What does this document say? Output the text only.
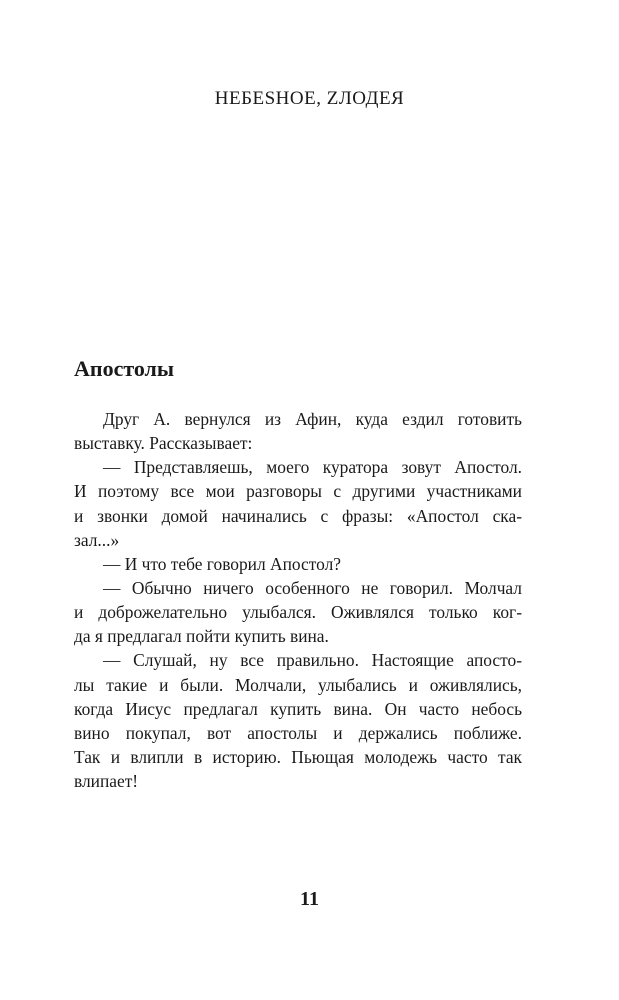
НЕБЕSНОЕ, ZЛОДЕЯ
Апостолы
Друг А. вернулся из Афин, куда ездил готовить
выставку. Рассказывает:
— Представляешь, моего куратора зовут Апостол.
И поэтому все мои разговоры с другими участниками
и звонки домой начинались с фразы: «Апостол ска-
зал...»
— И что тебе говорил Апостол?
— Обычно ничего особенного не говорил. Молчал
и доброжелательно улыбался. Оживлялся только ког-
да я предлагал пойти купить вина.
— Слушай, ну все правильно. Настоящие апосто-
лы такие и были. Молчали, улыбались и оживлялись,
когда Иисус предлагал купить вина. Он часто небось
вино покупал, вот апостолы и держались поближе.
Так и влипли в историю. Пьющая молодежь часто так
влипает!
11
